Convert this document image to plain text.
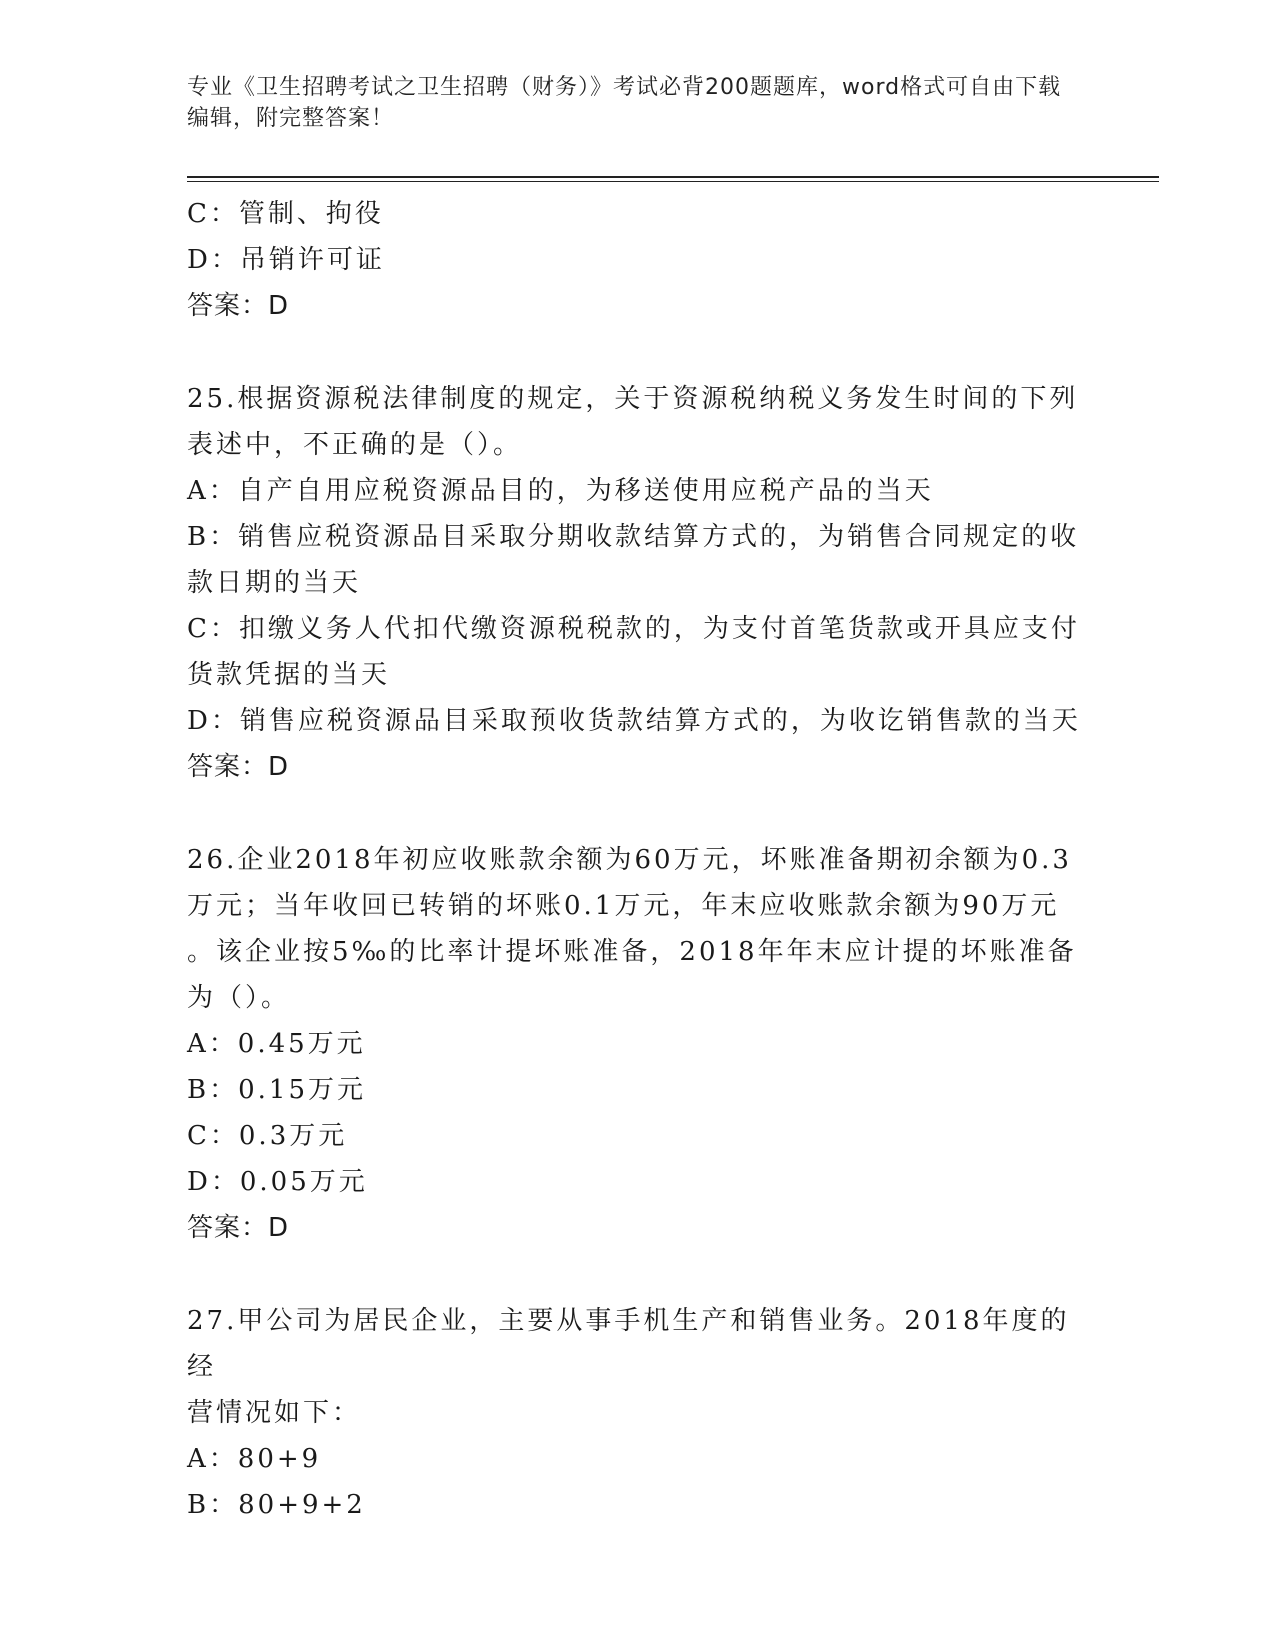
专业《卫生招聘考试之卫生招聘（财务）》考试必背200题题库，word格式可自由下载编辑，附完整答案！

C：管制、拘役

D：吊销许可证

答案：D

25.根据资源税法律制度的规定，关于资源税纳税义务发生时间的下列

表述中，不正确的是（）。

A：自产自用应税资源品目的，为移送使用应税产品的当天

B：销售应税资源品目采取分期收款结算方式的，为销售合同规定的收

款日期的当天

C：扣缴义务人代扣代缴资源税税款的，为支付首笔货款或开具应支付

货款凭据的当天

D：销售应税资源品目采取预收货款结算方式的，为收讫销售款的当天

答案：D

26.企业2018年初应收账款余额为60万元，坏账准备期初余额为0.3

万元；当年收回已转销的坏账0.1万元，年末应收账款余额为90万元

。该企业按5‰的比率计提坏账准备，2018年年末应计提的坏账准备

为（）。

A：0.45万元

B：0.15万元

C：0.3万元

D：0.05万元

答案：D

27.甲公司为居民企业，主要从事手机生产和销售业务。2018年度的经

营情况如下：

A：80+9

B：80+9+2
